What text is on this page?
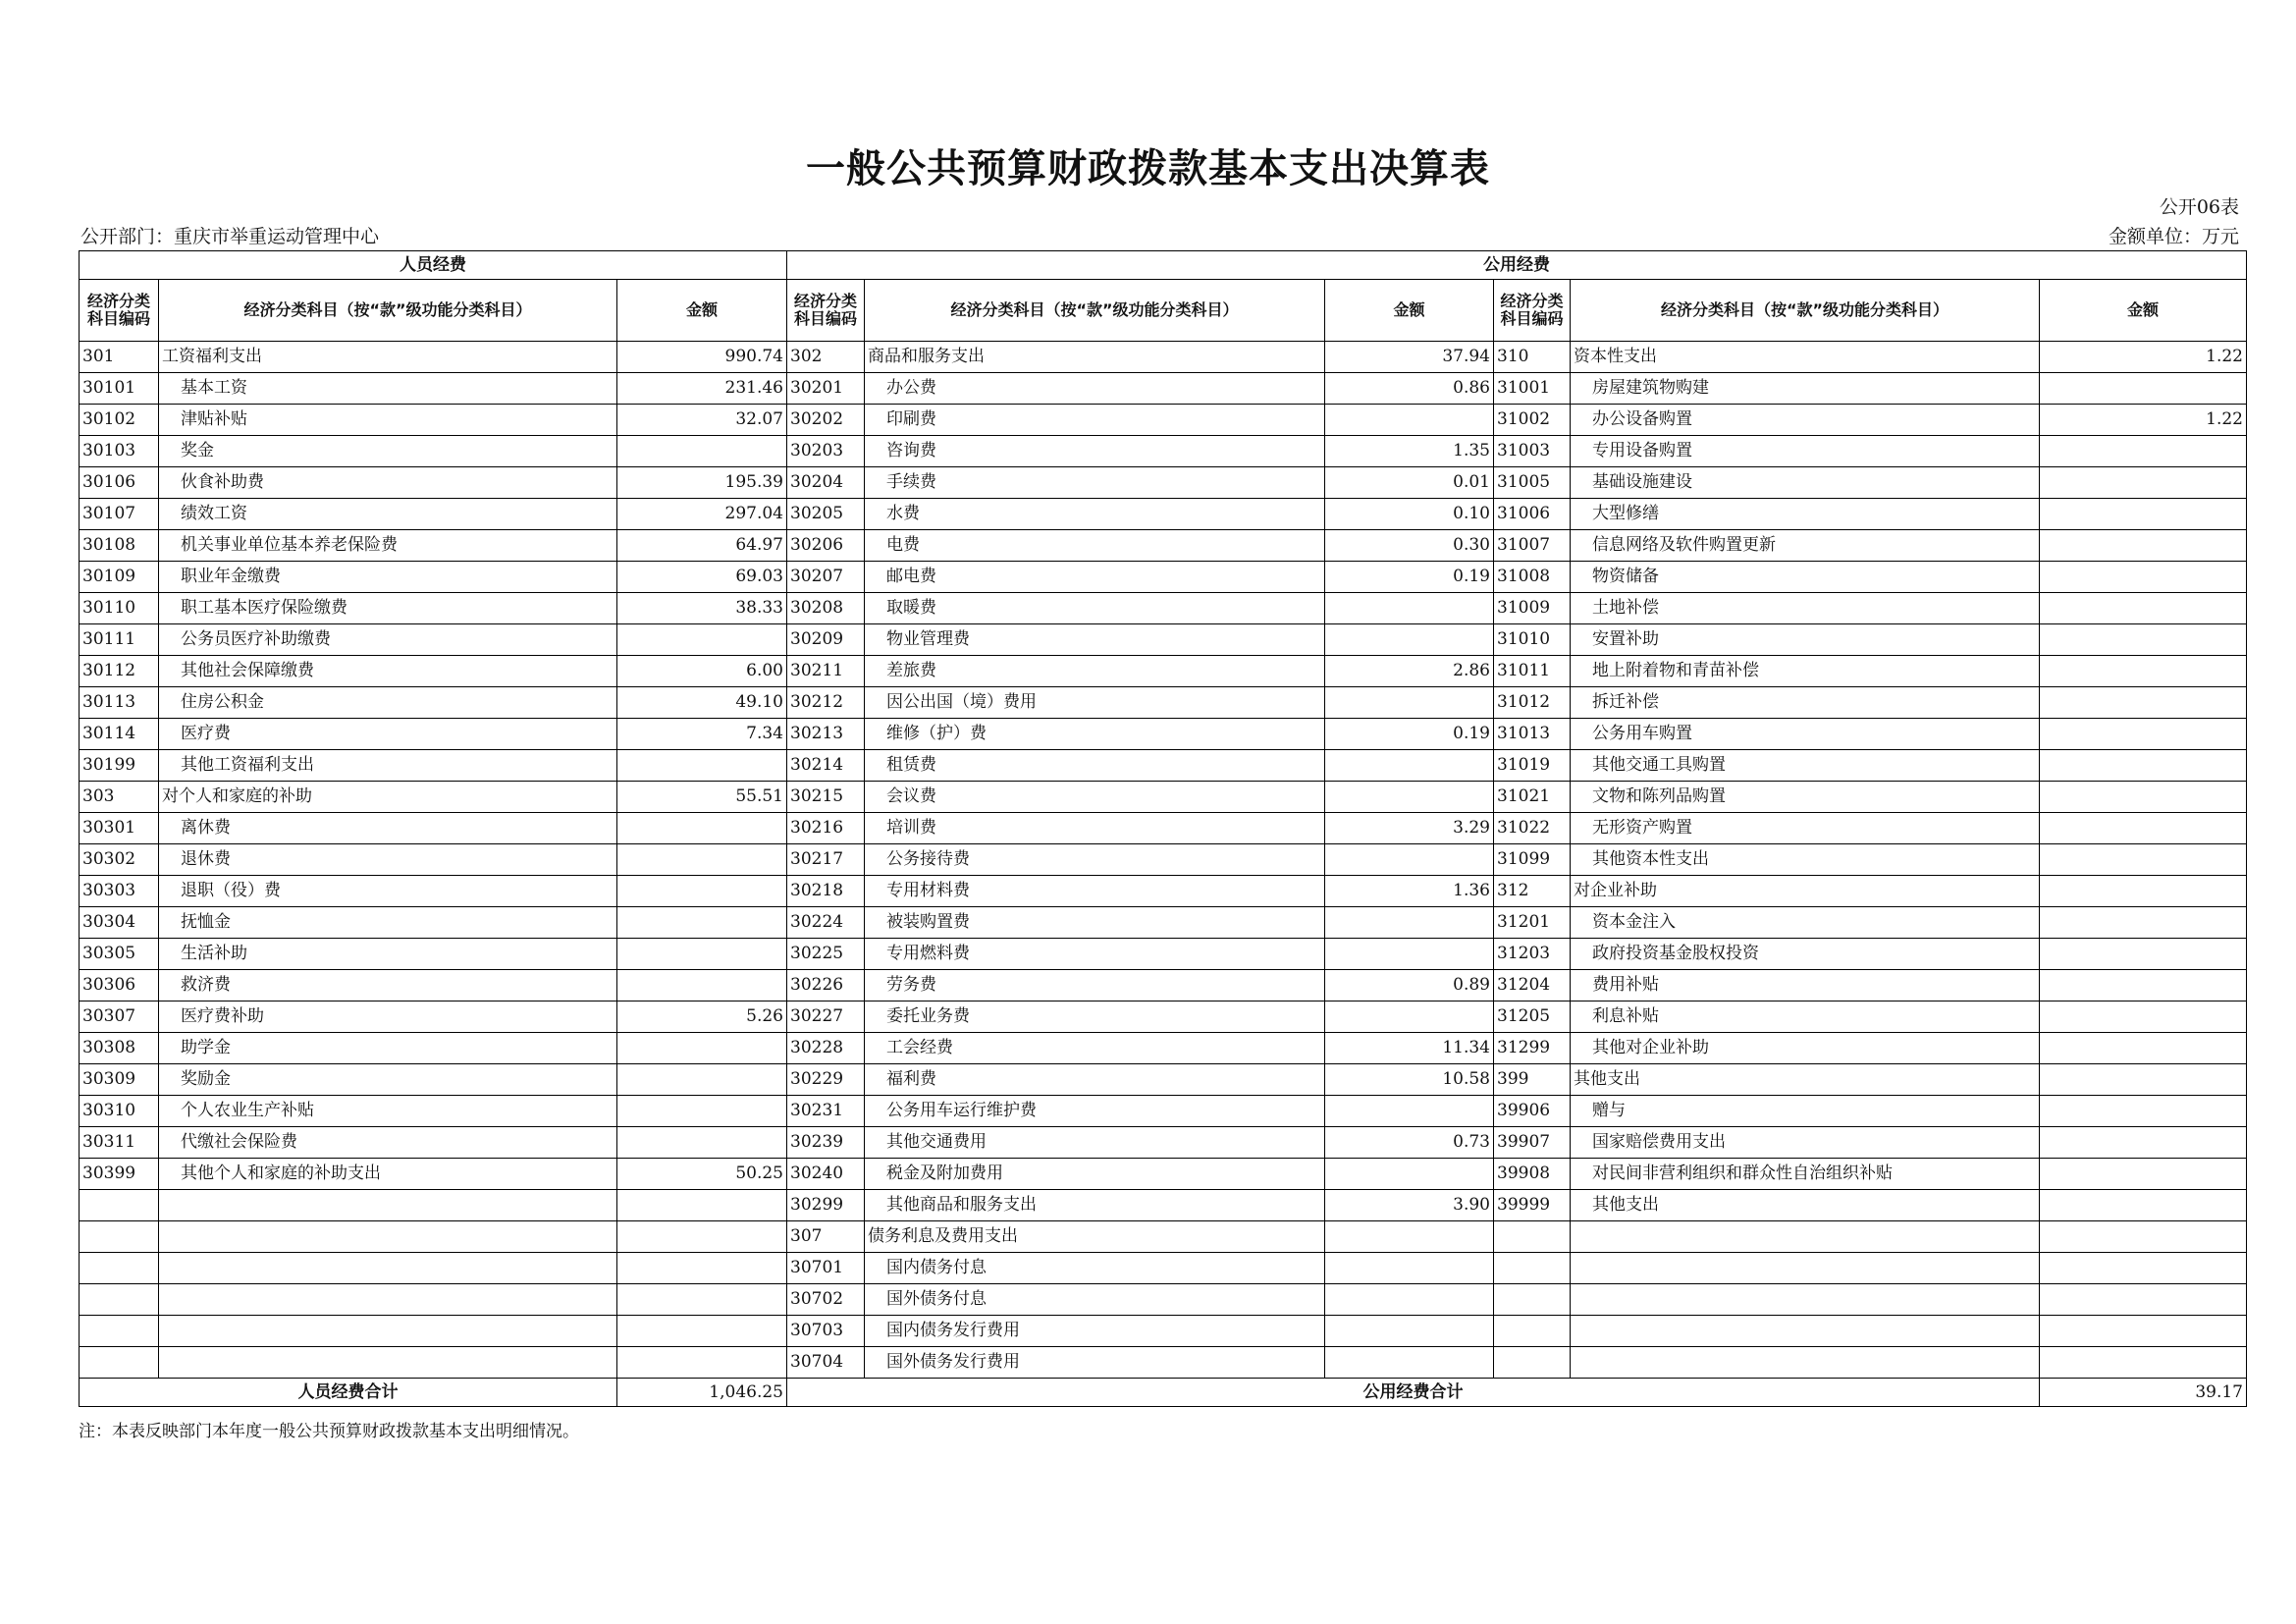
一般公共预算财政拨款基本支出决算表
公开06表
公开部门：重庆市举重运动管理中心	金额单位：万元
人员经费			公用经费					
经济分类科目编码	经济分类科目（按“款”级功能分类科目）	金额	经济分类科目编码	经济分类科目（按“款”级功能分类科目）	金额	经济分类科目编码	经济分类科目（按“款”级功能分类科目）	金额
301	工资福利支出	990.74	302	商品和服务支出	37.94	310	资本性支出	1.22
30101	基本工资	231.46	30201	办公费	0.86	31001	房屋建筑物购建	
30102	津贴补贴	32.07	30202	印刷费		31002	办公设备购置	1.22
30103	奖金		30203	咨询费	1.35	31003	专用设备购置	
30106	伙食补助费	195.39	30204	手续费	0.01	31005	基础设施建设	
30107	绩效工资	297.04	30205	水费	0.10	31006	大型修缮	
30108	机关事业单位基本养老保险费	64.97	30206	电费	0.30	31007	信息网络及软件购置更新	
30109	职业年金缴费	69.03	30207	邮电费	0.19	31008	物资储备	
30110	职工基本医疗保险缴费	38.33	30208	取暖费		31009	土地补偿	
30111	公务员医疗补助缴费		30209	物业管理费		31010	安置补助	
30112	其他社会保障缴费	6.00	30211	差旅费	2.86	31011	地上附着物和青苗补偿	
30113	住房公积金	49.10	30212	因公出国（境）费用		31012	拆迁补偿	
30114	医疗费	7.34	30213	维修（护）费	0.19	31013	公务用车购置	
30199	其他工资福利支出		30214	租赁费		31019	其他交通工具购置	
303	对个人和家庭的补助	55.51	30215	会议费		31021	文物和陈列品购置	
30301	离休费		30216	培训费	3.29	31022	无形资产购置	
30302	退休费		30217	公务接待费		31099	其他资本性支出	
30303	退职（役）费		30218	专用材料费	1.36	312	对企业补助	
30304	抚恤金		30224	被装购置费		31201	资本金注入	
30305	生活补助		30225	专用燃料费		31203	政府投资基金股权投资	
30306	救济费		30226	劳务费	0.89	31204	费用补贴	
30307	医疗费补助	5.26	30227	委托业务费		31205	利息补贴	
30308	助学金		30228	工会经费	11.34	31299	其他对企业补助	
30309	奖励金		30229	福利费	10.58	399	其他支出	
30310	个人农业生产补贴		30231	公务用车运行维护费		39906	赠与	
30311	代缴社会保险费		30239	其他交通费用	0.73	39907	国家赔偿费用支出	
30399	其他个人和家庭的补助支出	50.25	30240	税金及附加费用		39908	对民间非营利组织和群众性自治组织补贴	
			30299	其他商品和服务支出	3.90	39999	其他支出	
			307	债务利息及费用支出				
			30701	国内债务付息				
			30702	国外债务付息				
			30703	国内债务发行费用				
			30704	国外债务发行费用				
人员经费合计		1,046.25	公用经费合计					39.17
注：本表反映部门本年度一般公共预算财政拨款基本支出明细情况。
